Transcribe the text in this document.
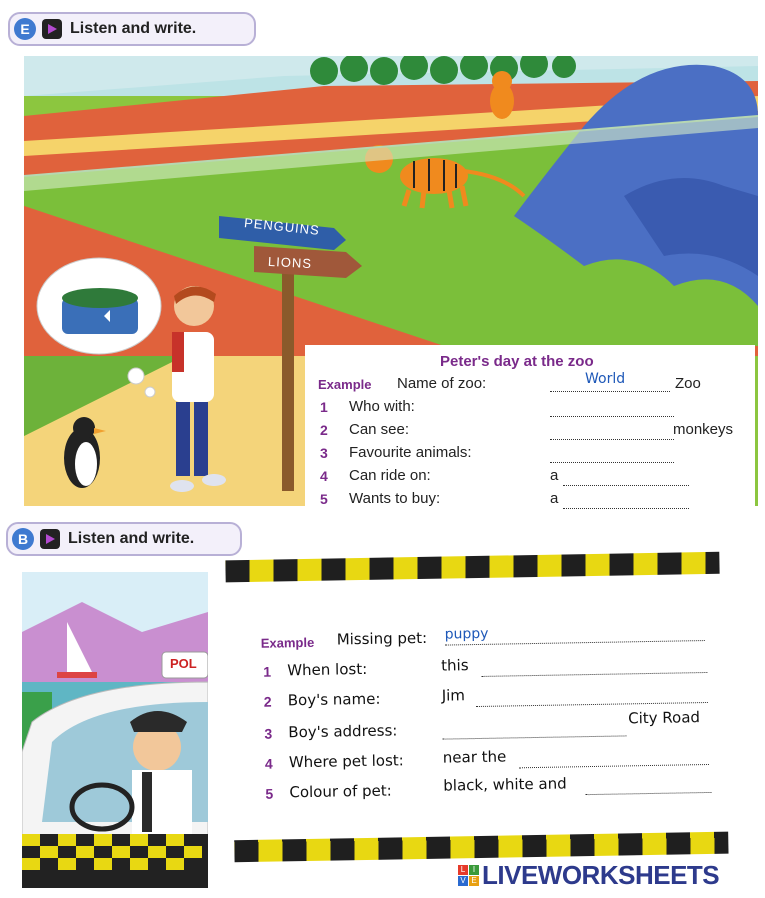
E	Listen and write.
PENGUINS
LIONS
Peter's day at the zoo
Example Name of zoo:	World	Zoo
1 Who with:
2 Can see:	monkeys
3 Favourite animals:
4 Can ride on:	a
5 Wants to buy:	a
B	Listen and write.
POL
Example Missing pet: puppy
1 When lost:	this
2 Boy's name:	Jim
3 Boy's address:
City Road
4 Where pet lost:	near the
5 Colour of pet:	black, white and
L I
V E LIVEWORKSHEETS
